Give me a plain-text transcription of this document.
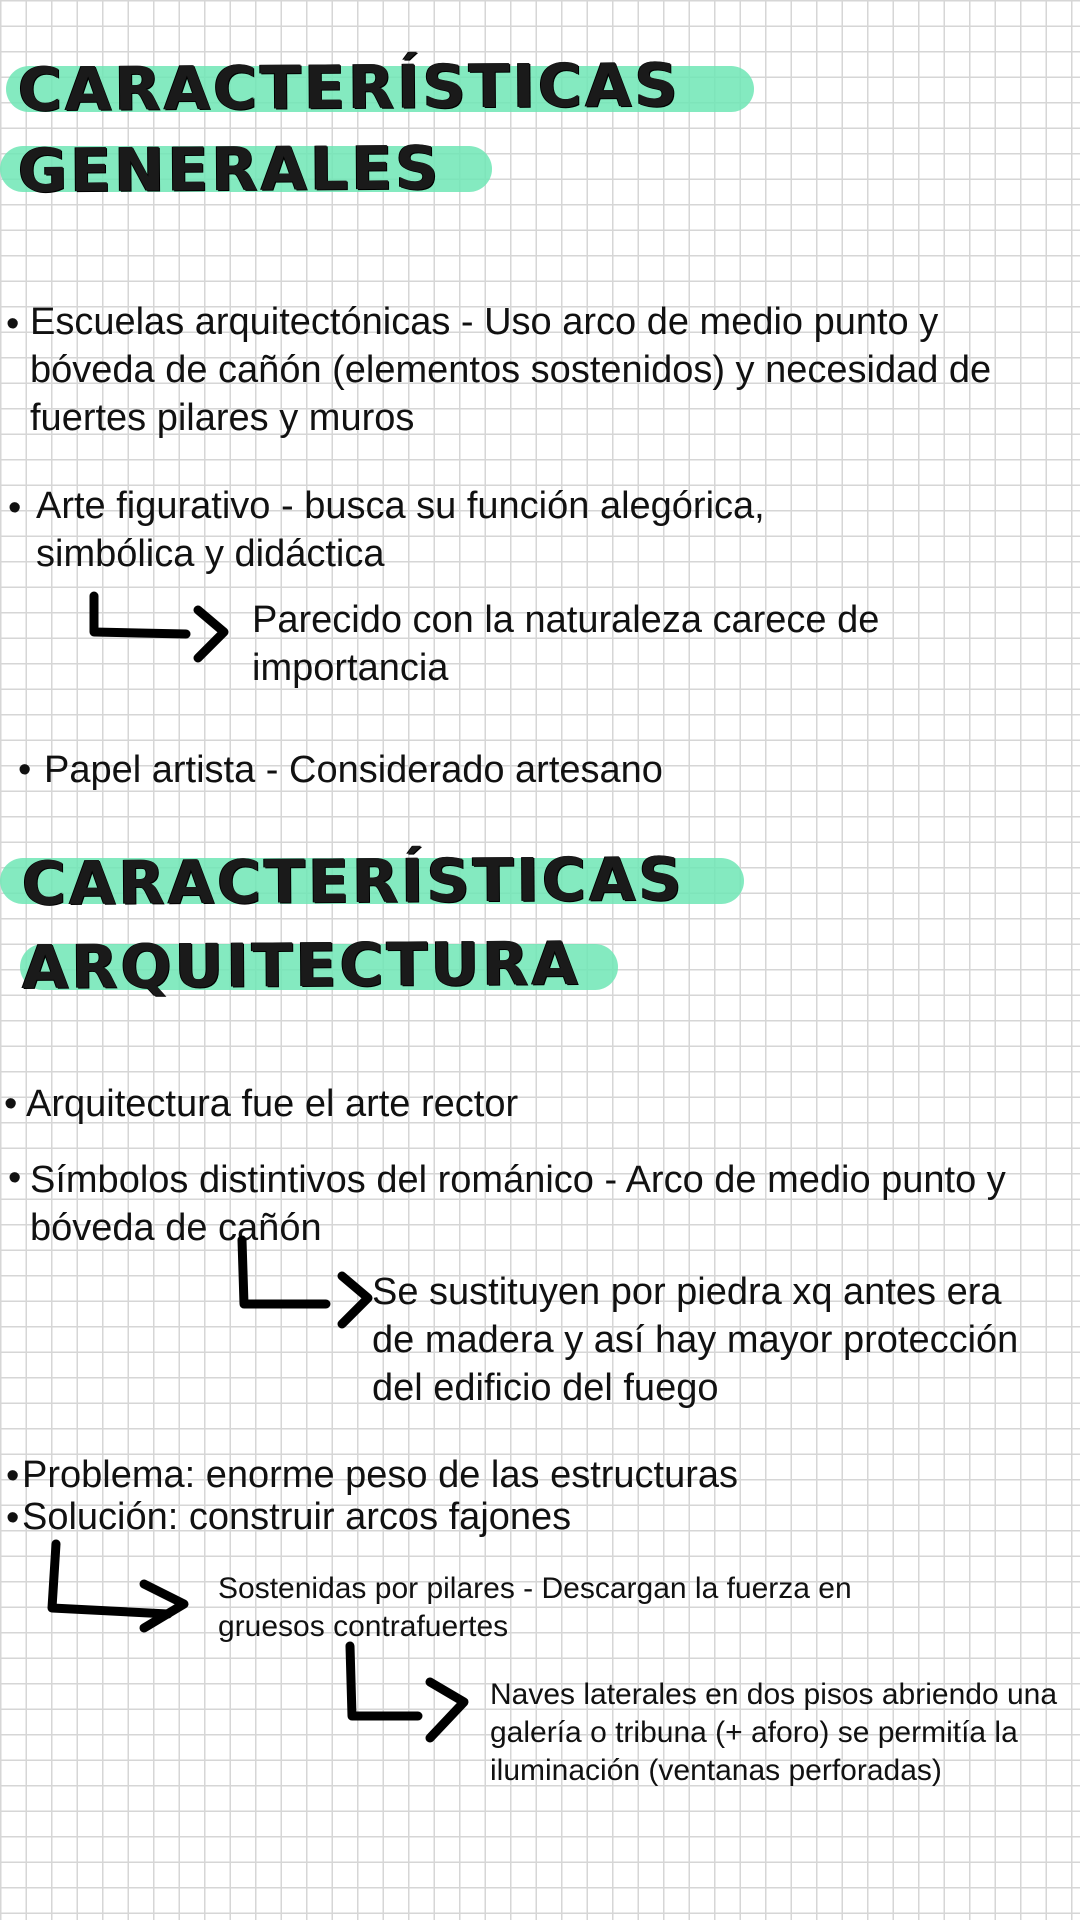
CARACTERÍSTICAS
GENERALES
• Escuelas arquitectónicas - Uso arco de medio punto y bóveda de cañón (elementos sostenidos) y necesidad de fuertes pilares y muros

• Arte figurativo - busca su función alegórica, simbólica y didáctica

Parecido con la naturaleza carece de importancia

• Papel artista - Considerado artesano

CARACTERÍSTICAS
ARQUITECTURA
• Arquitectura fue el arte rector

• Símbolos distintivos del románico - Arco de medio punto y bóveda de cañón

Se sustituyen por piedra xq antes era de madera y así hay mayor protección del edificio del fuego

• Problema: enorme peso de las estructuras

• Solución: construir arcos fajones

Sostenidas por pilares - Descargan la fuerza en gruesos contrafuertes

Naves laterales en dos pisos abriendo una galería o tribuna (+ aforo) se permitía la iluminación (ventanas perforadas)
